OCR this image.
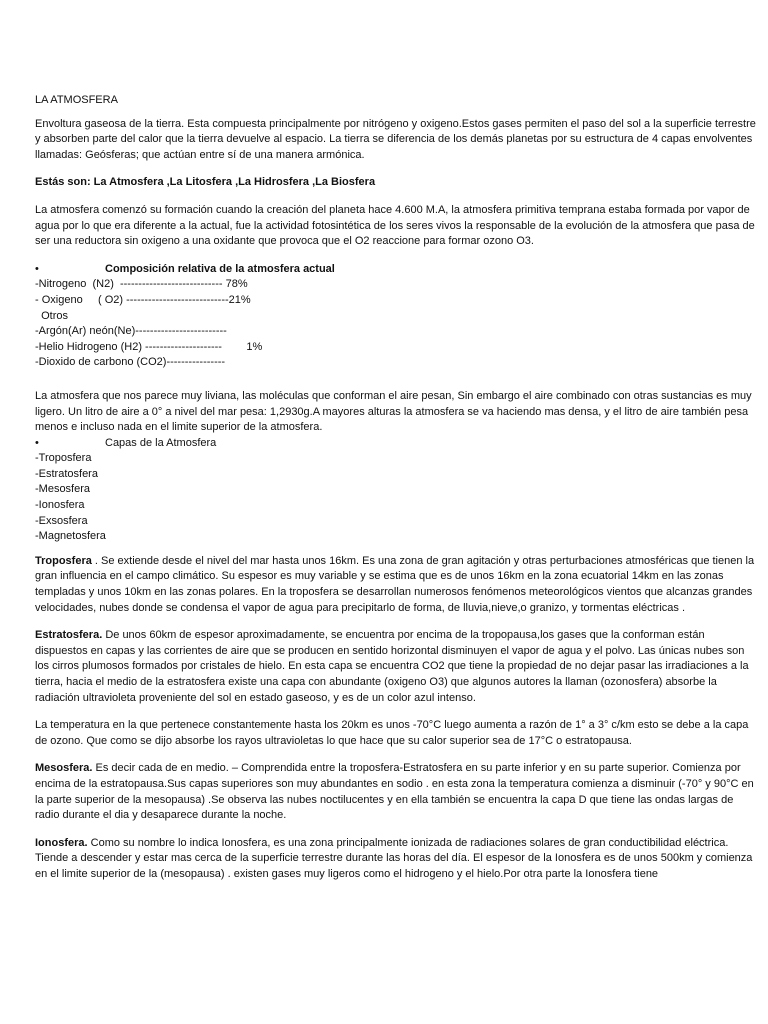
LA ATMOSFERA

Envoltura gaseosa de la tierra. Esta compuesta principalmente por nitrógeno y oxigeno.Estos gases permiten el paso del sol a la superficie terrestre y absorben parte del calor que la tierra devuelve al espacio. La tierra se diferencia de los demás planetas por su estructura de 4 capas envolventes llamadas: Geósferas; que actúan entre sí de una manera armónica.

Estás son: La Atmosfera ,La Litosfera ,La Hidrosfera ,La Biosfera

La atmosfera comenzó su formación cuando la creación del planeta hace 4.600 M.A, la atmosfera primitiva temprana estaba formada por vapor de agua por lo que era diferente a la actual, fue la actividad fotosintética de los seres vivos la responsable de la evolución de la atmosfera que pasa de ser una reductora sin oxigeno a una oxidante que provoca que el O2 reaccione para formar ozono O3.

•	Composición relativa de la atmosfera actual
-Nitrogeno  (N2)  ---------------------------- 78%
- Oxigeno     ( O2) ----------------------------21%
Otros
-Argón(Ar) neón(Ne)-------------------------
-Helio Hidrogeno (H2) ---------------------        1%
-Dioxido de carbono (CO2)----------------

La atmosfera que nos parece muy liviana, las moléculas que conforman el aire pesan, Sin embargo el aire combinado con otras sustancias es muy ligero. Un litro de aire a 0° a nivel del mar pesa: 1,2930g.A mayores alturas la atmosfera se va haciendo mas densa, y el litro de aire también pesa menos e incluso nada en el limite superior de la atmosfera.

•	Capas de la Atmosfera
-Troposfera
-Estratosfera
-Mesosfera
-Ionosfera
-Exsosfera
-Magnetosfera

Troposfera . Se extiende desde el nivel del mar hasta unos 16km. Es una zona de gran agitación y otras perturbaciones atmosféricas que tienen la gran influencia en el campo climático. Su espesor es muy variable y se estima que es de unos 16km en la zona ecuatorial 14km en las zonas templadas y unos 10km en las zonas polares. En la troposfera se desarrollan numerosos fenómenos meteorológicos vientos que alcanzas grandes velocidades, nubes donde se condensa el vapor de agua para precipitarlo de forma, de lluvia,nieve,o granizo, y tormentas eléctricas .

Estratosfera. De unos 60km de espesor aproximadamente, se encuentra por encima de la tropopausa,los gases que la conforman están dispuestos en capas y las corrientes de aire que se producen en sentido horizontal disminuyen el vapor de agua y el polvo. Las únicas nubes son los cirros plumosos formados por cristales de hielo. En esta capa se encuentra CO2 que tiene la propiedad de no dejar pasar las irradiaciones a la tierra, hacia el medio de la estratosfera existe una capa con abundante (oxigeno O3) que algunos autores la llaman (ozonosfera) absorbe la radiación ultravioleta proveniente del sol en estado gaseoso, y es de un color azul intenso.

La temperatura en la que pertenece constantemente hasta los 20km es unos -70°C luego aumenta a razón de 1° a 3° c/km esto se debe a la capa de ozono. Que como se dijo absorbe los rayos ultravioletas lo que hace que su calor superior sea de 17°C o estratopausa.

Mesosfera. Es decir cada de en medio. – Comprendida entre la troposfera-Estratosfera en su parte inferior y en su parte superior. Comienza por encima de la estratopausa.Sus capas superiores son muy abundantes en sodio . en esta zona la temperatura comienza a disminuir (-70° y 90°C en la parte superior de la mesopausa) .Se observa las nubes noctilucentes y en ella también se encuentra la capa D que tiene las ondas largas de radio durante el dia y desaparece durante la noche.

Ionosfera. Como su nombre lo indica Ionosfera, es una zona principalmente ionizada de radiaciones solares de gran conductibilidad eléctrica. Tiende a descender y estar mas cerca de la superficie terrestre durante las horas del día. El espesor de la Ionosfera es de unos 500km y comienza en el limite superior de la (mesopausa) . existen gases muy ligeros como el hidrogeno y el hielo.Por otra parte la Ionosfera tiene
